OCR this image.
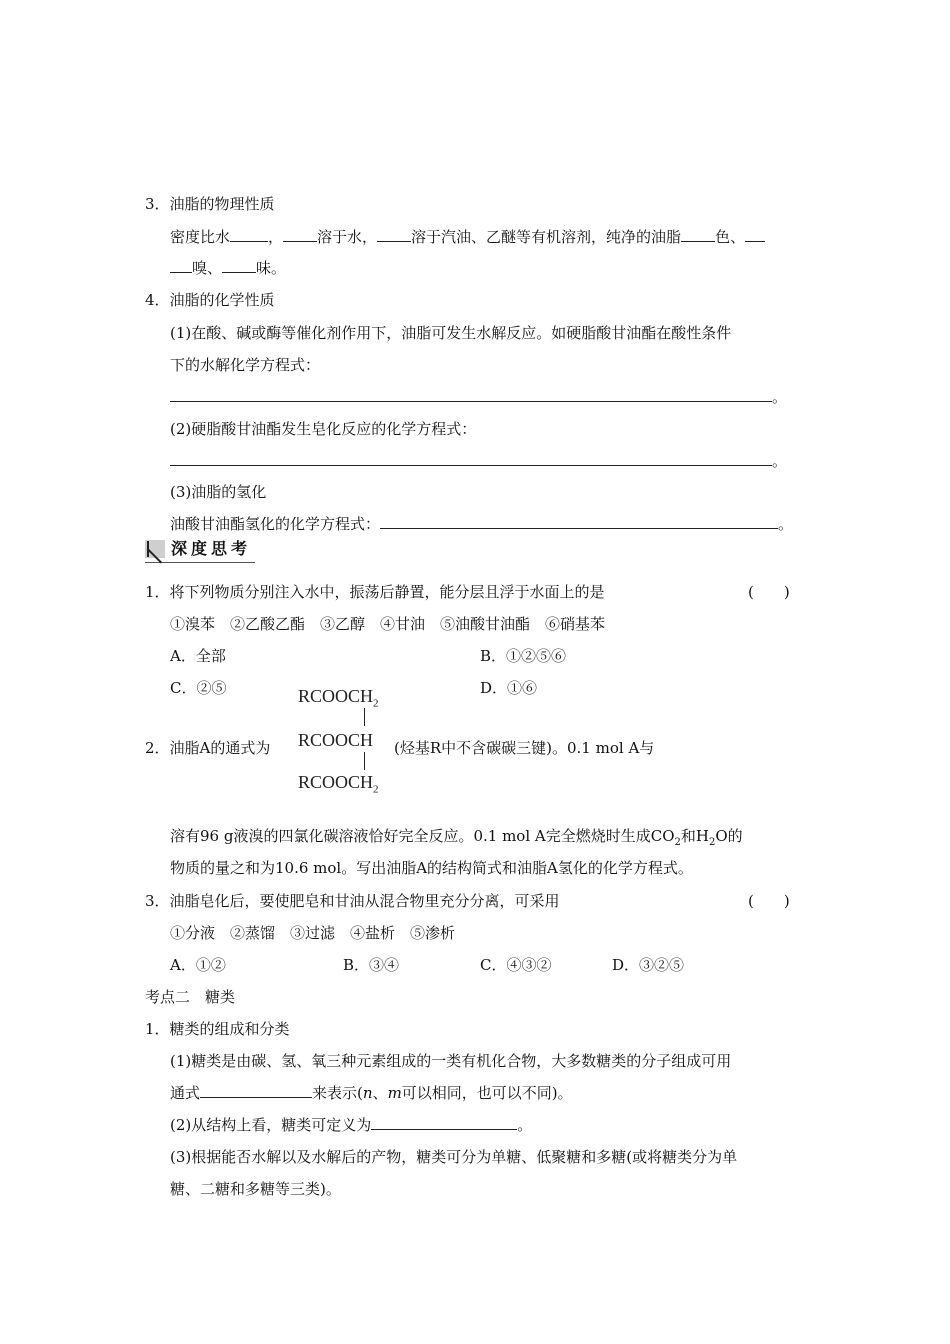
3．油脂的物理性质
密度比水	， 溶于水， 溶于汽油、乙醚等有机溶剂，纯净的油脂 色、
嗅、 味。
4．油脂的化学性质
(1)在酸、碱或酶等催化剂作用下，油脂可发生水解反应。如硬脂酸甘油酯在酸性条件
下的水解化学方程式：
。
(2)硬脂酸甘油酯发生皂化反应的化学方程式：
。
(3)油脂的氢化
油酸甘油酯氢化的化学方程式：	。
深度思考
1．将下列物质分别注入水中，振荡后静置，能分层且浮于水面上的是	(　　)
①溴苯　②乙酸乙酯　③乙醇　④甘油　⑤油酸甘油酯　⑥硝基苯
A．全部	B．①②⑤⑥
C．②⑤	D．①⑥
$RCOOCH_2$
RCOOCH
$RCOOCH_2$
2．油脂A的通式为	(烃基R中不含碳碳三键)。0.1 mol A与
溶有96 g液溴的四氯化碳溶液恰好完全反应。0.1 mol A完全燃烧时生成$CO_2$和$H_2O$的
物质的量之和为10.6 mol。写出油脂A的结构简式和油脂A氢化的化学方程式。
3．油脂皂化后，要使肥皂和甘油从混合物里充分分离，可采用	(　　)
①分液　②蒸馏　③过滤　④盐析　⑤渗析
A．①②	B．③④	C．④③②	D．③②⑤
考点二　糖类
1．糖类的组成和分类
(1)糖类是由碳、氢、氧三种元素组成的一类有机化合物，大多数糖类的分子组成可用
通式	来表示(n、m可以相同，也可以不同)。
(2)从结构上看，糖类可定义为	。
(3)根据能否水解以及水解后的产物，糖类可分为单糖、低聚糖和多糖(或将糖类分为单
糖、二糖和多糖等三类)。
